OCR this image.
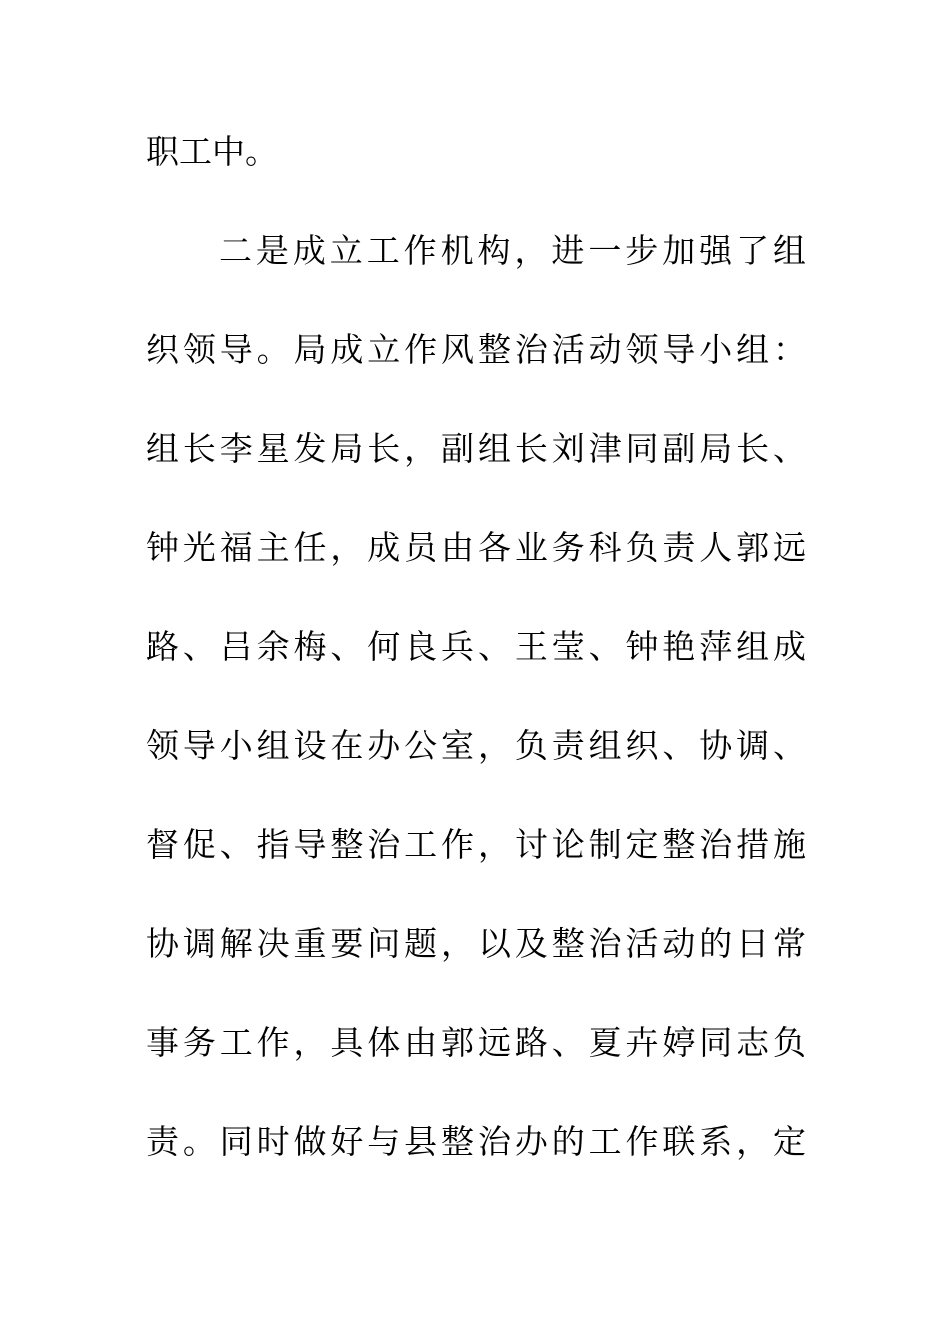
职工中。
二是成立工作机构，进一步加强了组
织领导。局成立作风整治活动领导小组：
组长李星发局长，副组长刘津同副局长、
钟光福主任，成员由各业务科负责人郭远
路、吕余梅、何良兵、王莹、钟艳萍组成
领导小组设在办公室，负责组织、协调、
督促、指导整治工作，讨论制定整治措施
协调解决重要问题，以及整治活动的日常
事务工作，具体由郭远路、夏卉婷同志负
责。同时做好与县整治办的工作联系，定
